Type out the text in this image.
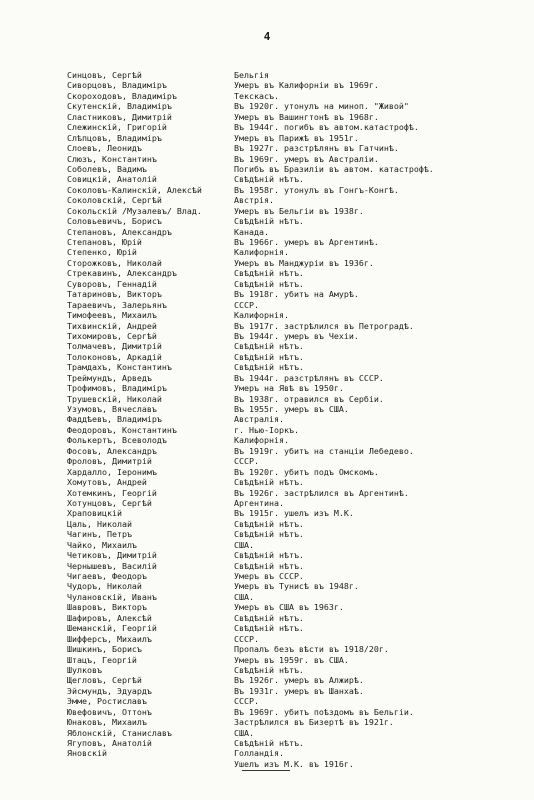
4
Синцовъ, Сергѣй	Бельгія
Сиворцовъ, Владиміръ	Умеръ въ Калифорніи въ 1969г.
Скороходовъ, Владиміръ	Текскасъ.
Скутенскій, Владиміръ	Въ 1920г. утонулъ на миноп. "Живой"
Сластниковъ, Димитрій	Умеръ въ Вашингтонѣ въ 1968г.
Слежинскій, Григорій	Въ 1944г. погибъ въ автом.катастрофѣ.
Слѣпцовъ, Владиміръ	Умеръ въ Парижѣ въ 1951г.
Слоевъ, Леонидъ	Въ 1927г. разстрѣлянъ въ Гатчинѣ.
Слюзъ, Константинъ	Въ 1969г. умеръ въ Австраліи.
Соболевъ, Вадимъ	Погибъ въ Бразиліи въ автом. катастрофѣ.
Совицкій, Анатолій	Свѣдѣній нѣтъ.
Соколовъ-Калинскій, Алексѣй	Въ 1958г. утонулъ въ Гонгъ-Конгѣ.
Соколовскій, Сергѣй	Австрія.
Сокольскій /Музалевъ/ Влад.	Умеръ въ Бельгіи въ 1938г.
Соловьевичъ, Борисъ	Свѣдѣній нѣтъ.
Степановъ, Александръ	Канада.
Степановъ, Юрій	Въ 1966г. умеръ въ Аргентинѣ.
Степенко, Юрій	Калифорнія.
Сторожковъ, Николай	Умеръ въ Манджуріи въ 1936г.
Стрекавинъ, Александръ	Свѣдѣній нѣтъ.
Суворовъ, Геннадій	Свѣдѣній нѣтъ.
Татариновъ, Викторъ	Въ 1918г. убитъ на Амурѣ.
Тараевичъ, Залерьянъ	СССР.
Тимофеевъ, Михаилъ	Калифорнія.
Тихвинскій, Андрей	Въ 1917г. застрѣлился въ Петроградѣ.
Тихомировъ, Сергѣй	Въ 1944г. умеръ въ Чехіи.
Толмачевъ, Димитрій	Свѣдѣній нѣтъ.
Толоконовъ, Аркадій	Свѣдѣній нѣтъ.
Трамдахъ, Константинъ	Свѣдѣній нѣтъ.
Треймундъ, Арведъ	Въ 1944г. разстрѣлянъ въ СССР.
Трофимовъ, Владиміръ	Умеръ на Явѣ въ 1950г.
Трушевскій, Николай	Въ 1938г. отравился въ Сербіи.
Узумовъ, Вячеславъ	Въ 1955г. умеръ въ США.
Фаддѣевъ, Владиміръ	Австралія.
Феодоровъ, Константинъ	г. Нью-Іоркъ.
Фолькертъ, Всеволодъ	Калифорнія.
Фосовъ, Александръ	Въ 1919г. убитъ на станціи Лебедево.
Фроловъ, Димитрій	СССР.
Хардалло, Іеронимъ	Въ 1920г. убитъ подъ Омскомъ.
Хомутовъ, Андрей	Свѣдѣній нѣтъ.
Хотемкинъ, Георгій	Въ 1926г. застрѣлился въ Аргентинѣ.
Хотунцовъ, Сергѣй	Аргентина.
Храповицкій	Въ 1915г. ушелъ изъ М.К.
Цаль, Николай	Свѣдѣній нѣтъ.
Чагинъ, Петръ	Свѣдѣній нѣтъ.
Чайко, Михаилъ	США.
Четиковъ, Димитрій	Свѣдѣній нѣтъ.
Чернышевъ, Василій	Свѣдѣній нѣтъ.
Чигаевъ, Феодоръ	Умеръ въ СССР.
Чудоръ, Николай	Умеръ въ Тунисѣ въ 1948г.
Чулановскій, Иванъ	США.
Шавровъ, Викторъ	Умеръ въ США въ 1963г.
Шафировъ, Алексѣй	Свѣдѣній нѣтъ.
Шеманскій, Георгій	Свѣдѣній нѣтъ.
Шифферсъ, Михаилъ	СССР.
Шишкинъ, Борисъ	Пропалъ безъ вѣсти въ 1918/20г.
Штацъ, Георгій	Умеръ въ 1959г. въ США.
Шулковъ	Свѣдѣній нѣтъ.
Щегловъ, Сергѣй	Въ 1926г. умеръ въ Алжирѣ.
Эйсмундъ, Эдуардъ	Въ 1931г. умеръ въ Шанхаѣ.
Эмме, Ростиславъ	СССР.
Ювефовичъ, Оттонъ	Въ 1969г. убитъ поѣздомъ въ Бельгіи.
Юнаковъ, Михаилъ	Застрѣлился въ Бизертѣ въ 1921г.
Яблонскій, Станиславъ	США.
Ягуповъ, Анатолій	Свѣдѣній нѣтъ.
Яновскій	Голландія.
Ушелъ изъ М.К. въ 1916г.
